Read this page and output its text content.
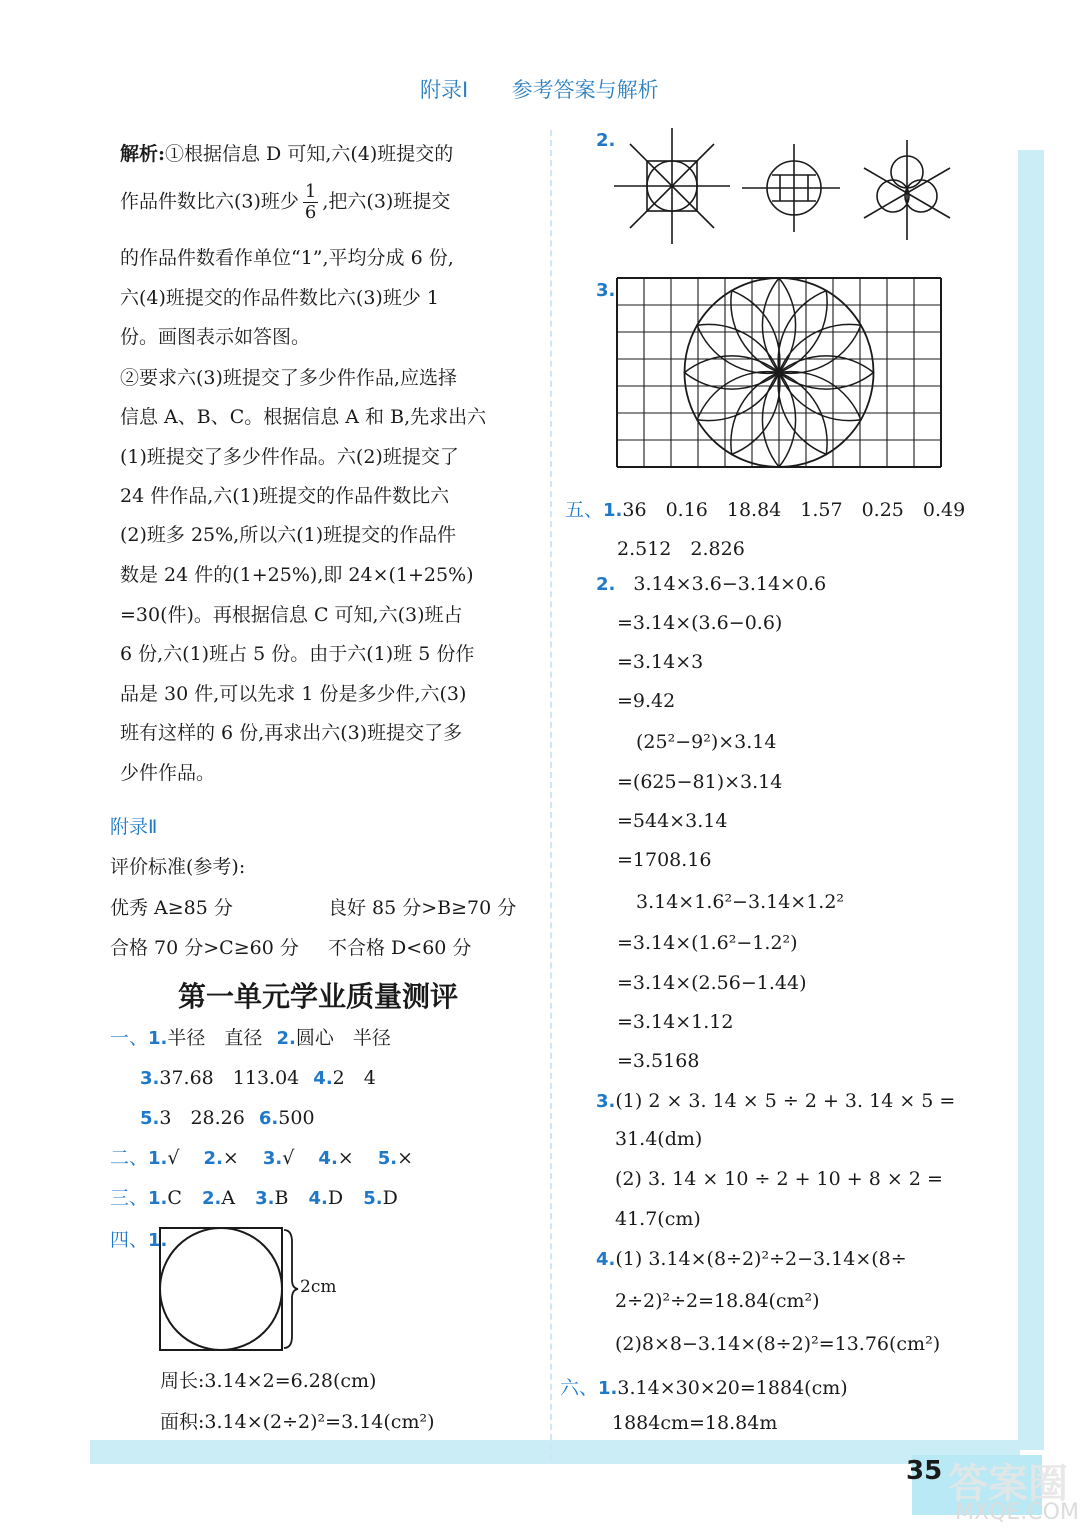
附录Ⅰ 参考答案与解析
解析:①根据信息 D 可知,六(4)班提交的
作品件数比六(3)班少 $\frac{1}{6}$ ,把六(3)班提交
的作品件数看作单位“1”,平均分成 6 份,
六(4)班提交的作品件数比六(3)班少 1
份。画图表示如答图。
②要求六(3)班提交了多少件作品,应选择
信息 A、B、C。根据信息 A 和 B,先求出六
(1)班提交了多少件作品。六(2)班提交了
24 件作品,六(1)班提交的作品件数比六
(2)班多 25%,所以六(1)班提交的作品件
数是 24 件的(1+25%),即 24×(1+25%)
=30(件)。再根据信息 C 可知,六(3)班占
6 份,六(1)班占 5 份。由于六(1)班 5 份作
品是 30 件,可以先求 1 份是多少件,六(3)
班有这样的 6 份,再求出六(3)班提交了多
少件作品。
附录Ⅱ
评价标准(参考):
优秀 A≥85 分	良好 85 分>B≥70 分
合格 70 分>C≥60 分 不合格 D<60 分
第一单元学业质量测评
一、1.半径　直径 2.圆心　半径
3.37.68　113.04 4.2　4
5.3　28.26 6.500
二、1.√ 2.× 3.√ 4.× 5.×
三、1.C 2.A 3.B 4.D 5.D
四、1.
2cm
周长:3.14×2=6.28(cm)
面积:3.14×(2÷2)²=3.14(cm²)
2.
3.
五、1.36　0.16　18.84　1.57　0.25　0.49
2.512　2.826
2. 3.14×3.6−3.14×0.6
=3.14×(3.6−0.6)
=3.14×3
=9.42
(25²−9²)×3.14
=(625−81)×3.14
=544×3.14
=1708.16
3.14×1.6²−3.14×1.2²
=3.14×(1.6²−1.2²)
=3.14×(2.56−1.44)
=3.14×1.12
=3.5168
3.(1) 2 × 3. 14 × 5 ÷ 2 + 3. 14 × 5 =
31.4(dm)
(2) 3. 14 × 10 ÷ 2 + 10 + 8 × 2 =
41.7(cm)
4.(1) 3.14×(8÷2)²÷2−3.14×(8÷
2÷2)²÷2=18.84(cm²)
(2)8×8−3.14×(8÷2)²=13.76(cm²)
六、1.3.14×30×20=1884(cm)
1884cm=18.84m
35 答案圈
MXQE.COM
